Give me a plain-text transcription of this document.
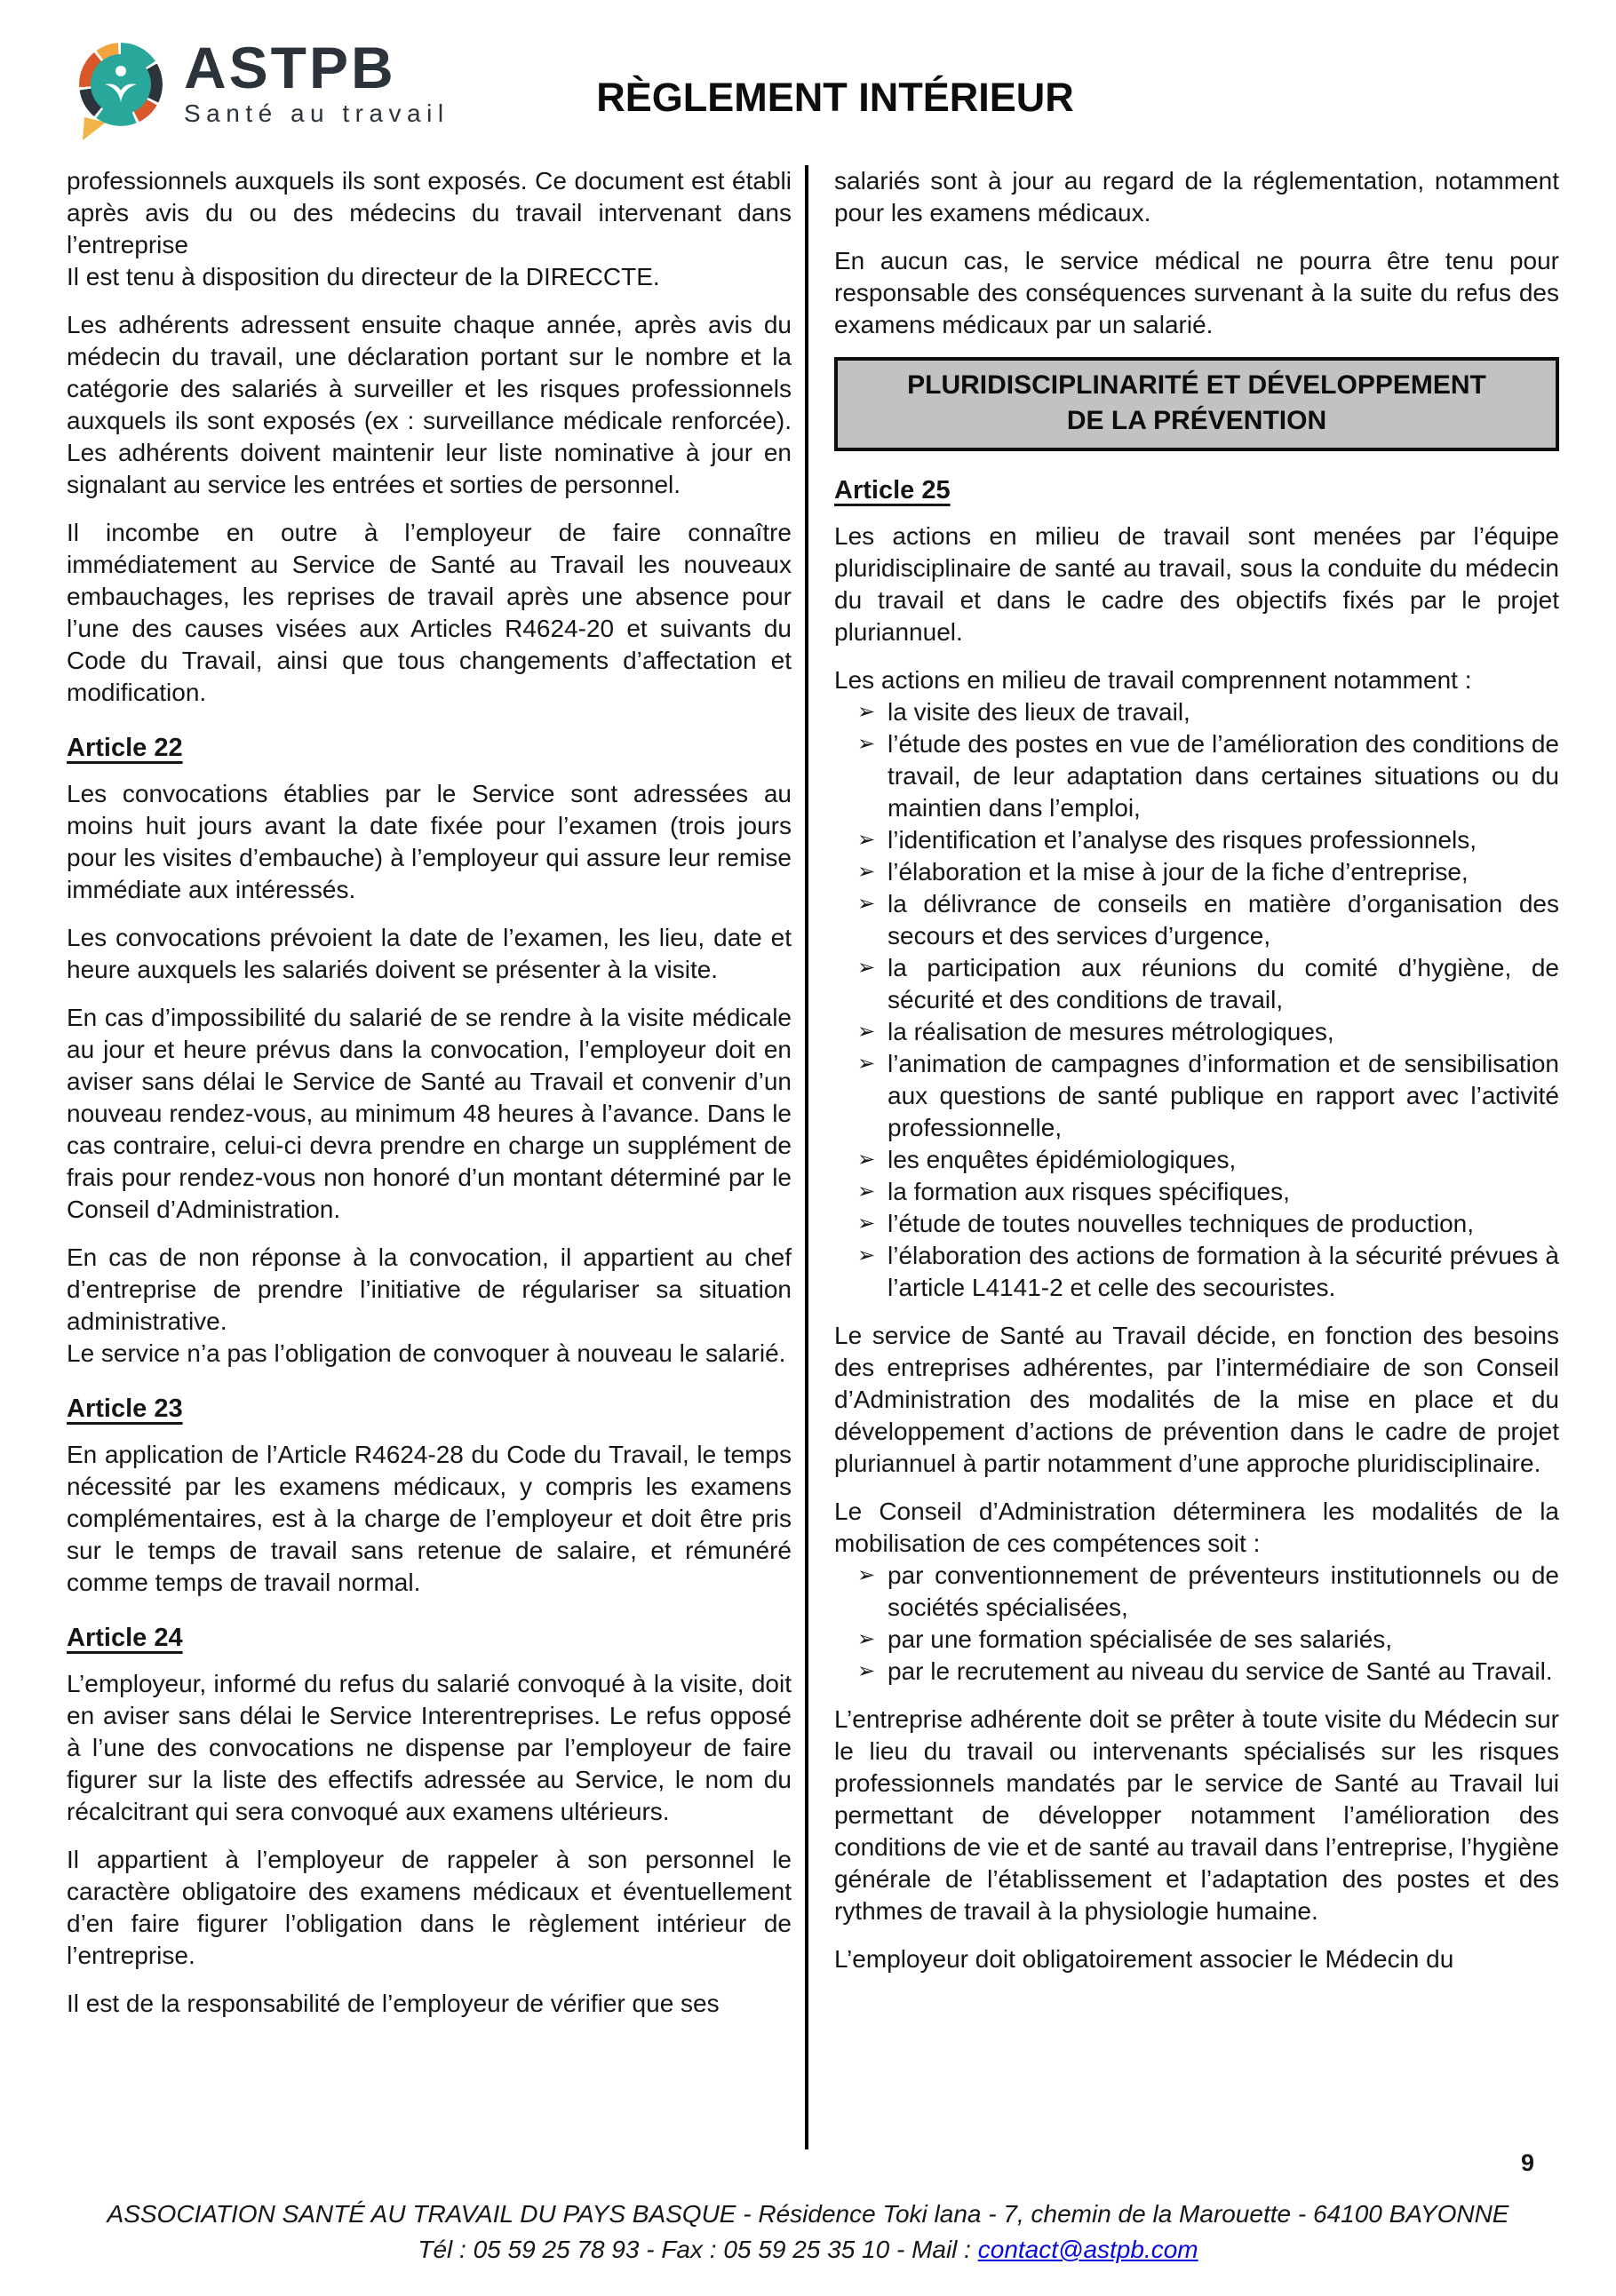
ASTPB
Santé au travail	RÈGLEMENT INTÉRIEUR

professionnels auxquels ils sont exposés. Ce document est établi après avis du ou des médecins du travail intervenant dans l’entreprise

Il est tenu à disposition du directeur de la DIRECCTE.

Les adhérents adressent ensuite chaque année, après avis du médecin du travail, une déclaration portant sur le nombre et la catégorie des salariés à surveiller et les risques professionnels auxquels ils sont exposés (ex : surveillance médicale renforcée). Les adhérents doivent maintenir leur liste nominative à jour en signalant au service les entrées et sorties de personnel.

Il incombe en outre à l’employeur de faire connaître immédiatement au Service de Santé au Travail les nouveaux embauchages, les reprises de travail après une absence pour l’une des causes visées aux Articles R4624-20 et suivants du Code du Travail, ainsi que tous changements d’affectation et modification.

Article 22

Les convocations établies par le Service sont adressées au moins huit jours avant la date fixée pour l’examen (trois jours pour les visites d’embauche) à l’employeur qui assure leur remise immédiate aux intéressés.

Les convocations prévoient la date de l’examen, les lieu, date et heure auxquels les salariés doivent se présenter à la visite.

En cas d’impossibilité du salarié de se rendre à la visite médicale au jour et heure prévus dans la convocation, l’employeur doit en aviser sans délai le Service de Santé au Travail et convenir d’un nouveau rendez-vous, au minimum 48 heures à l’avance. Dans le cas contraire, celui-ci devra prendre en charge un supplément de frais pour rendez-vous non honoré d’un montant déterminé par le Conseil d’Administration.

En cas de non réponse à la convocation, il appartient au chef d’entreprise de prendre l’initiative de régulariser sa situation administrative.

Le service n’a pas l’obligation de convoquer à nouveau le salarié.

Article 23

En application de l’Article R4624-28 du Code du Travail, le temps nécessité par les examens médicaux, y compris les examens complémentaires, est à la charge de l’employeur et doit être pris sur le temps de travail sans retenue de salaire, et rémunéré comme temps de travail normal.

Article 24

L’employeur, informé du refus du salarié convoqué à la visite, doit en aviser sans délai le Service Interentreprises. Le refus opposé à l’une des convocations ne dispense par l’employeur de faire figurer sur la liste des effectifs adressée au Service, le nom du récalcitrant qui sera convoqué aux examens ultérieurs.

Il appartient à l’employeur de rappeler à son personnel le caractère obligatoire des examens médicaux et éventuellement d’en faire figurer l’obligation dans le règlement intérieur de l’entreprise.

Il est de la responsabilité de l’employeur de vérifier que ses

salariés sont à jour au regard de la réglementation, notamment pour les examens médicaux.

En aucun cas, le service médical ne pourra être tenu pour responsable des conséquences survenant à la suite du refus des examens médicaux par un salarié.

PLURIDISCIPLINARITÉ ET DÉVELOPPEMENT
DE LA PRÉVENTION
Article 25

Les actions en milieu de travail sont menées par l’équipe pluridisciplinaire de santé au travail, sous la conduite du médecin du travail et dans le cadre des objectifs fixés par le projet pluriannuel.

Les actions en milieu de travail comprennent notamment :

➢ la visite des lieux de travail,
➢ l’étude des postes en vue de l’amélioration des conditions de travail, de leur adaptation dans certaines situations ou du maintien dans l’emploi,
➢ l’identification et l’analyse des risques professionnels,
➢ l’élaboration et la mise à jour de la fiche d’entreprise,
➢ la délivrance de conseils en matière d’organisation des secours et des services d’urgence,
➢ la participation aux réunions du comité d’hygiène, de sécurité et des conditions de travail,
➢ la réalisation de mesures métrologiques,
➢ l’animation de campagnes d’information et de sensibilisation aux questions de santé publique en rapport avec l’activité professionnelle,
➢ les enquêtes épidémiologiques,
➢ la formation aux risques spécifiques,
➢ l’étude de toutes nouvelles techniques de production,
➢ l’élaboration des actions de formation à la sécurité prévues à l’article L4141-2 et celle des secouristes.

Le service de Santé au Travail décide, en fonction des besoins des entreprises adhérentes, par l’intermédiaire de son Conseil d’Administration des modalités de la mise en place et du développement d’actions de prévention dans le cadre de projet pluriannuel à partir notamment d’une approche pluridisciplinaire.

Le Conseil d’Administration déterminera les modalités de la mobilisation de ces compétences soit :

➢ par conventionnement de préventeurs institutionnels ou de sociétés spécialisées,
➢ par une formation spécialisée de ses salariés,
➢ par le recrutement au niveau du service de Santé au Travail.

L’entreprise adhérente doit se prêter à toute visite du Médecin sur le lieu du travail ou intervenants spécialisés sur les risques professionnels mandatés par le service de Santé au Travail lui permettant de développer notamment l’amélioration des conditions de vie et de santé au travail dans l’entreprise, l’hygiène générale de l’établissement et l’adaptation des postes et des rythmes de travail à la physiologie humaine.

L’employeur doit obligatoirement associer le Médecin du

9
ASSOCIATION SANTÉ AU TRAVAIL DU PAYS BASQUE - Résidence Toki lana - 7, chemin de la Marouette - 64100 BAYONNE
Tél : 05 59 25 78 93 - Fax : 05 59 25 35 10 - Mail : contact@astpb.com
